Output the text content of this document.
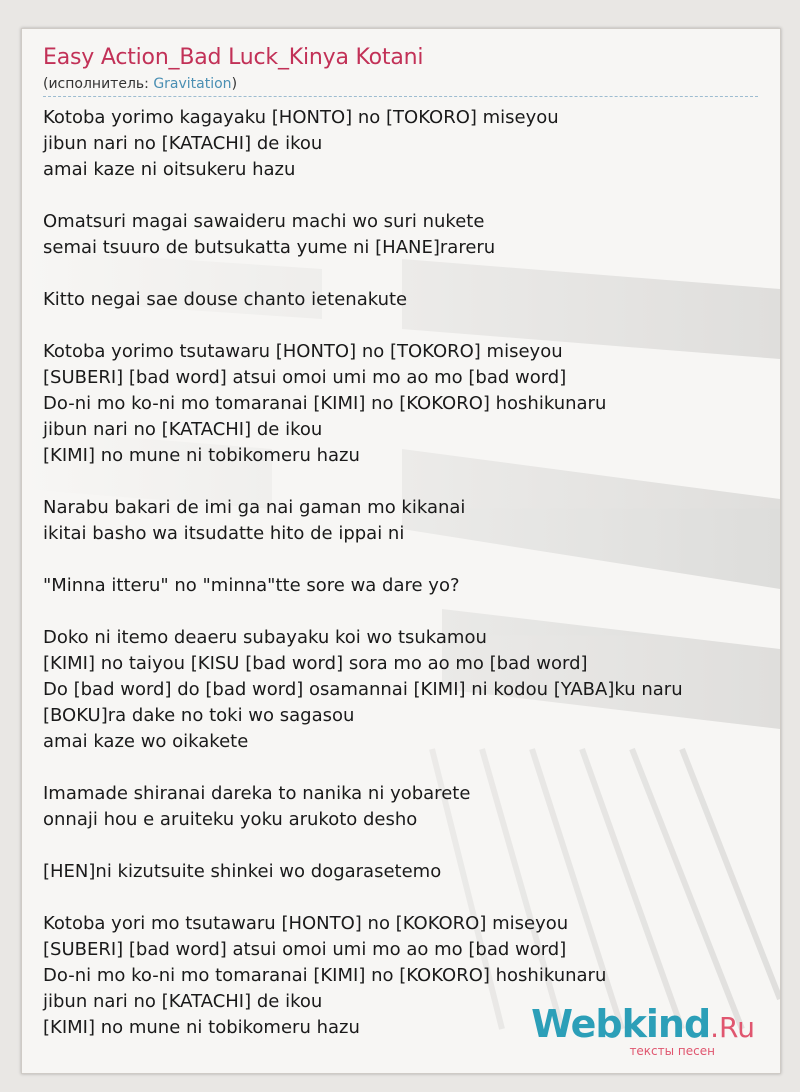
Easy Action_Bad Luck_Kinya Kotani
(исполнитель: Gravitation)
Kotoba yorimo kagayaku [HONTO] no [TOKORO] miseyou
jibun nari no [KATACHI] de ikou
amai kaze ni oitsukeru hazu
Omatsuri magai sawaideru machi wo suri nukete
semai tsuuro de butsukatta yume ni [HANE]rareru
Kitto negai sae douse chanto ietenakute
Kotoba yorimo tsutawaru [HONTO] no [TOKORO] miseyou
[SUBERI] [bad word] atsui omoi umi mo ao mo [bad word]
Do-ni mo ko-ni mo tomaranai [KIMI] no [KOKORO] hoshikunaru
jibun nari no [KATACHI] de ikou
[KIMI] no mune ni tobikomeru hazu
Narabu bakari de imi ga nai gaman mo kikanai
ikitai basho wa itsudatte hito de ippai ni
"Minna itteru" no "minna"tte sore wa dare yo?
Doko ni itemo deaeru subayaku koi wo tsukamou
[KIMI] no taiyou [KISU [bad word] sora mo ao mo [bad word]
Do [bad word] do [bad word] osamannai [KIMI] ni kodou [YABA]ku naru
[BOKU]ra dake no toki wo sagasou
amai kaze wo oikakete
Imamade shiranai dareka to nanika ni yobarete
onnaji hou e aruiteku yoku arukoto desho
[HEN]ni kizutsuite shinkei wo dogarasetemo
Kotoba yori mo tsutawaru [HONTO] no [KOKORO] miseyou
[SUBERI] [bad word] atsui omoi umi mo ao mo [bad word]
Do-ni mo ko-ni mo tomaranai [KIMI] no [KOKORO] hoshikunaru
jibun nari no [KATACHI] de ikou
[KIMI] no mune ni tobikomeru hazu	Webkind.Ru
тексты песен
